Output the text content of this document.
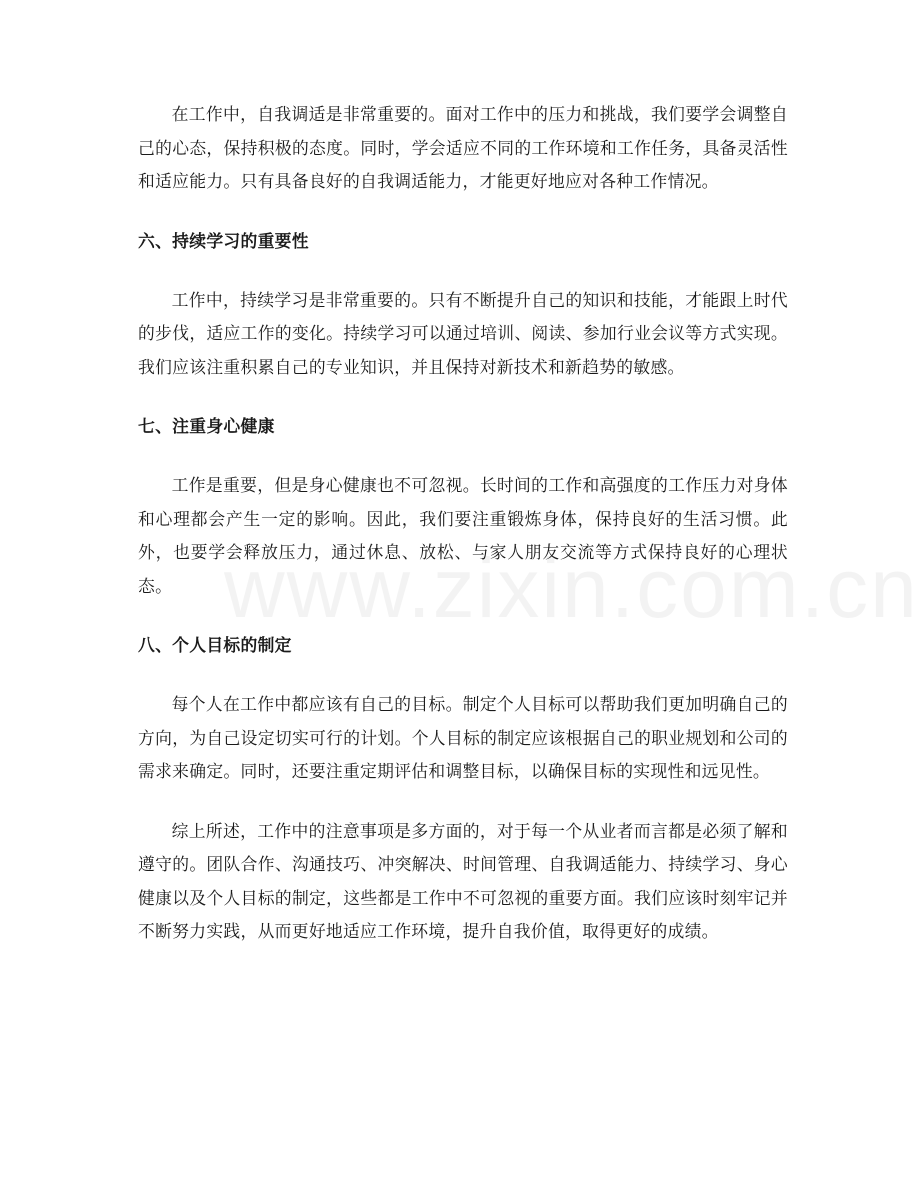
在工作中，自我调适是非常重要的。面对工作中的压力和挑战，我们要学会调整自己的心态，保持积极的态度。同时，学会适应不同的工作环境和工作任务，具备灵活性和适应能力。只有具备良好的自我调适能力，才能更好地应对各种工作情况。

六、持续学习的重要性

工作中，持续学习是非常重要的。只有不断提升自己的知识和技能，才能跟上时代的步伐，适应工作的变化。持续学习可以通过培训、阅读、参加行业会议等方式实现。我们应该注重积累自己的专业知识，并且保持对新技术和新趋势的敏感。

七、注重身心健康

工作是重要，但是身心健康也不可忽视。长时间的工作和高强度的工作压力对身体和心理都会产生一定的影响。因此，我们要注重锻炼身体，保持良好的生活习惯。此外，也要学会释放压力，通过休息、放松、与家人朋友交流等方式保持良好的心理状态。

八、个人目标的制定

每个人在工作中都应该有自己的目标。制定个人目标可以帮助我们更加明确自己的方向，为自己设定切实可行的计划。个人目标的制定应该根据自己的职业规划和公司的需求来确定。同时，还要注重定期评估和调整目标，以确保目标的实现性和远见性。

综上所述，工作中的注意事项是多方面的，对于每一个从业者而言都是必须了解和遵守的。团队合作、沟通技巧、冲突解决、时间管理、自我调适能力、持续学习、身心健康以及个人目标的制定，这些都是工作中不可忽视的重要方面。我们应该时刻牢记并不断努力实践，从而更好地适应工作环境，提升自我价值，取得更好的成绩。
